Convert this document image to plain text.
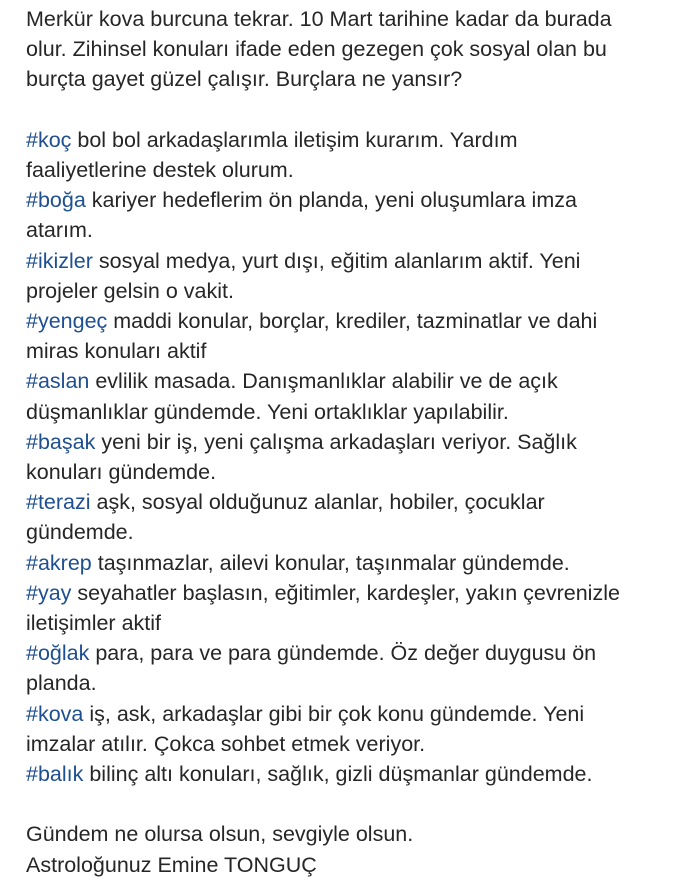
Merkür kova burcuna tekrar. 10 Mart tarihine kadar da burada
olur. Zihinsel konuları ifade eden gezegen çok sosyal olan bu
burçta gayet güzel çalışır. Burçlara ne yansır?
#koç bol bol arkadaşlarımla iletişim kurarım. Yardım
faaliyetlerine destek olurum.
#boğa kariyer hedeflerim ön planda, yeni oluşumlara imza
atarım.
#ikizler sosyal medya, yurt dışı, eğitim alanlarım aktif. Yeni
projeler gelsin o vakit.
#yengeç maddi konular, borçlar, krediler, tazminatlar ve dahi
miras konuları aktif
#aslan evlilik masada. Danışmanlıklar alabilir ve de açık
düşmanlıklar gündemde. Yeni ortaklıklar yapılabilir.
#başak yeni bir iş, yeni çalışma arkadaşları veriyor. Sağlık
konuları gündemde.
#terazi aşk, sosyal olduğunuz alanlar, hobiler, çocuklar
gündemde.
#akrep taşınmazlar, ailevi konular, taşınmalar gündemde.
#yay seyahatler başlasın, eğitimler, kardeşler, yakın çevrenizle
iletişimler aktif
#oğlak para, para ve para gündemde. Öz değer duygusu ön
planda.
#kova iş, ask, arkadaşlar gibi bir çok konu gündemde. Yeni
imzalar atılır. Çokca sohbet etmek veriyor.
#balık bilinç altı konuları, sağlık, gizli düşmanlar gündemde.
Gündem ne olursa olsun, sevgiyle olsun.
Astroloğunuz Emine TONGUÇ
